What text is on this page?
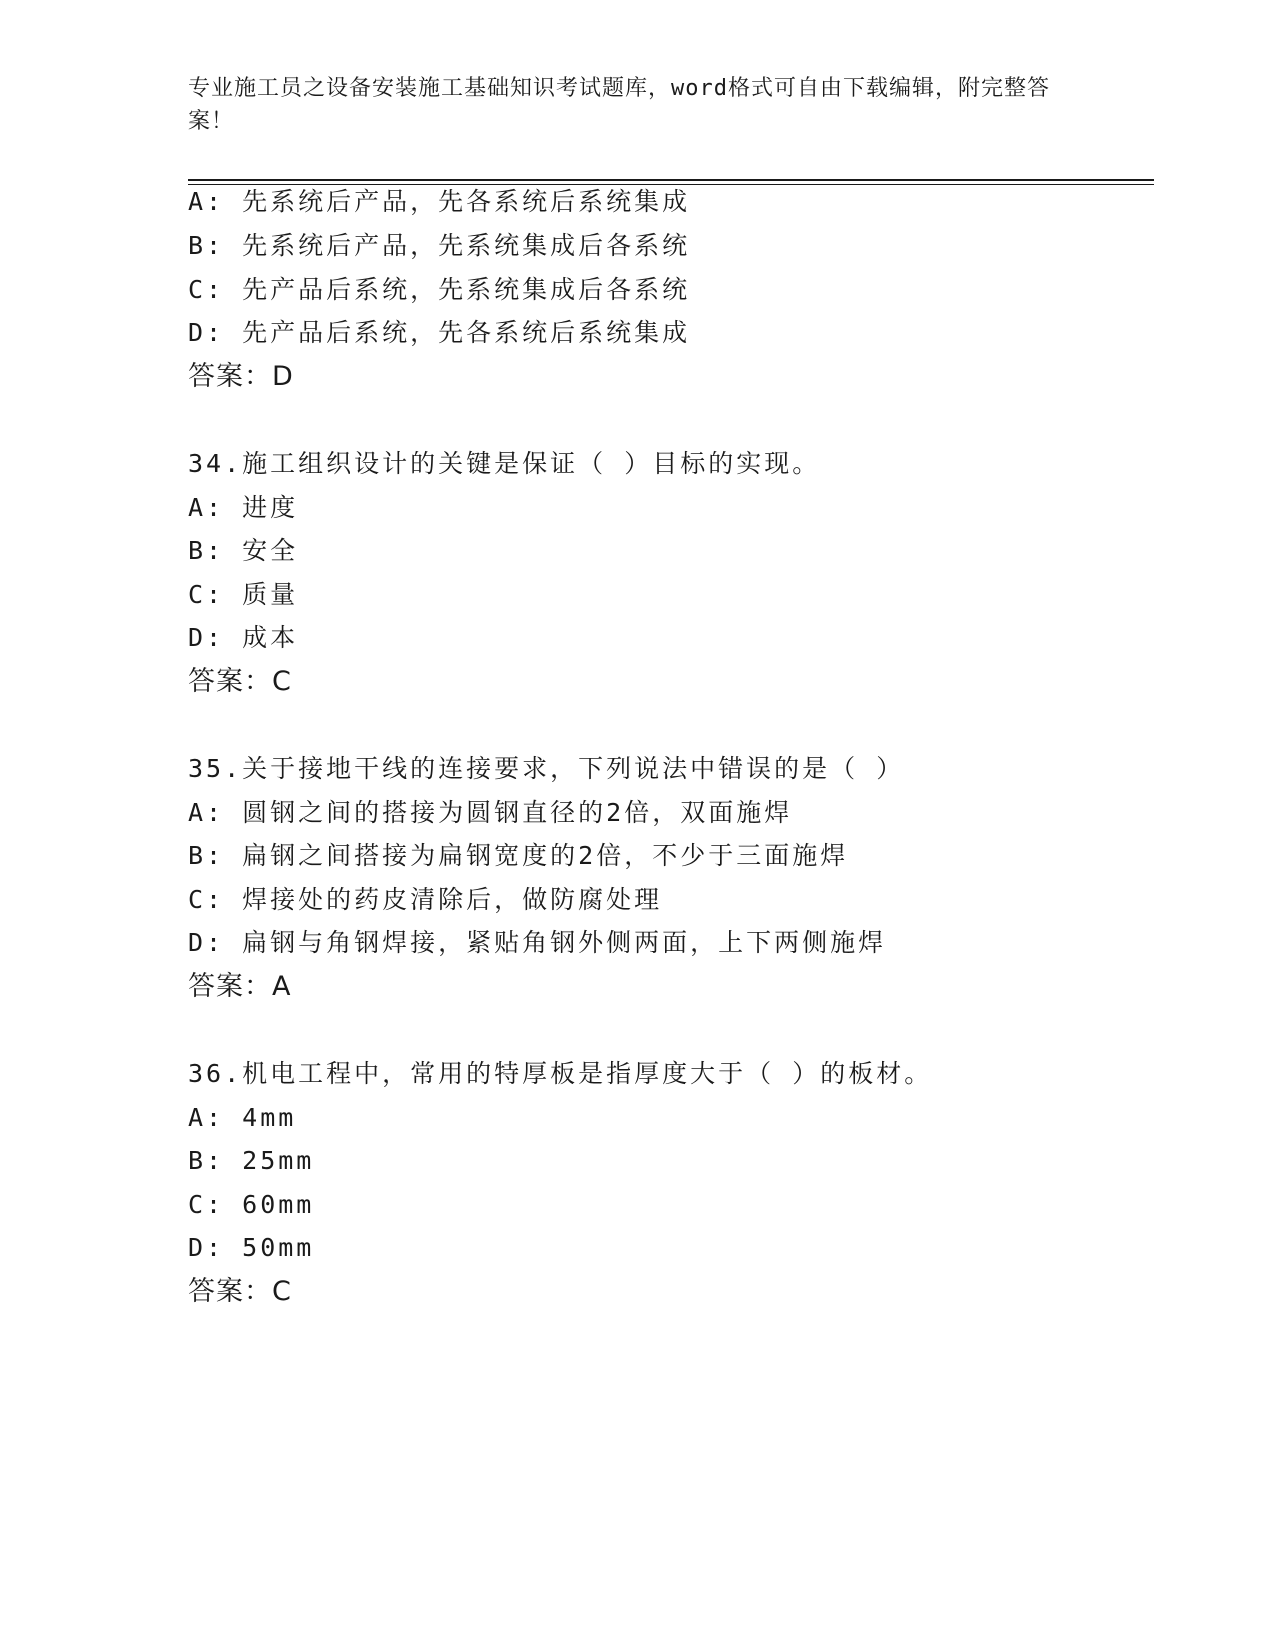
专业施工员之设备安装施工基础知识考试题库，word格式可自由下载编辑，附完整答案！
A: 先系统后产品，先各系统后系统集成
B: 先系统后产品，先系统集成后各系统
C: 先产品后系统，先系统集成后各系统
D: 先产品后系统，先各系统后系统集成
答案：D
34.施工组织设计的关键是保证（ ）目标的实现。
A: 进度
B: 安全
C: 质量
D: 成本
答案：C
35.关于接地干线的连接要求，下列说法中错误的是（ ）
A: 圆钢之间的搭接为圆钢直径的2倍，双面施焊
B: 扁钢之间搭接为扁钢宽度的2倍，不少于三面施焊
C: 焊接处的药皮清除后，做防腐处理
D: 扁钢与角钢焊接，紧贴角钢外侧两面，上下两侧施焊
答案：A
36.机电工程中，常用的特厚板是指厚度大于（ ）的板材。
A: 4mm
B: 25mm
C: 60mm
D: 50mm
答案：C
